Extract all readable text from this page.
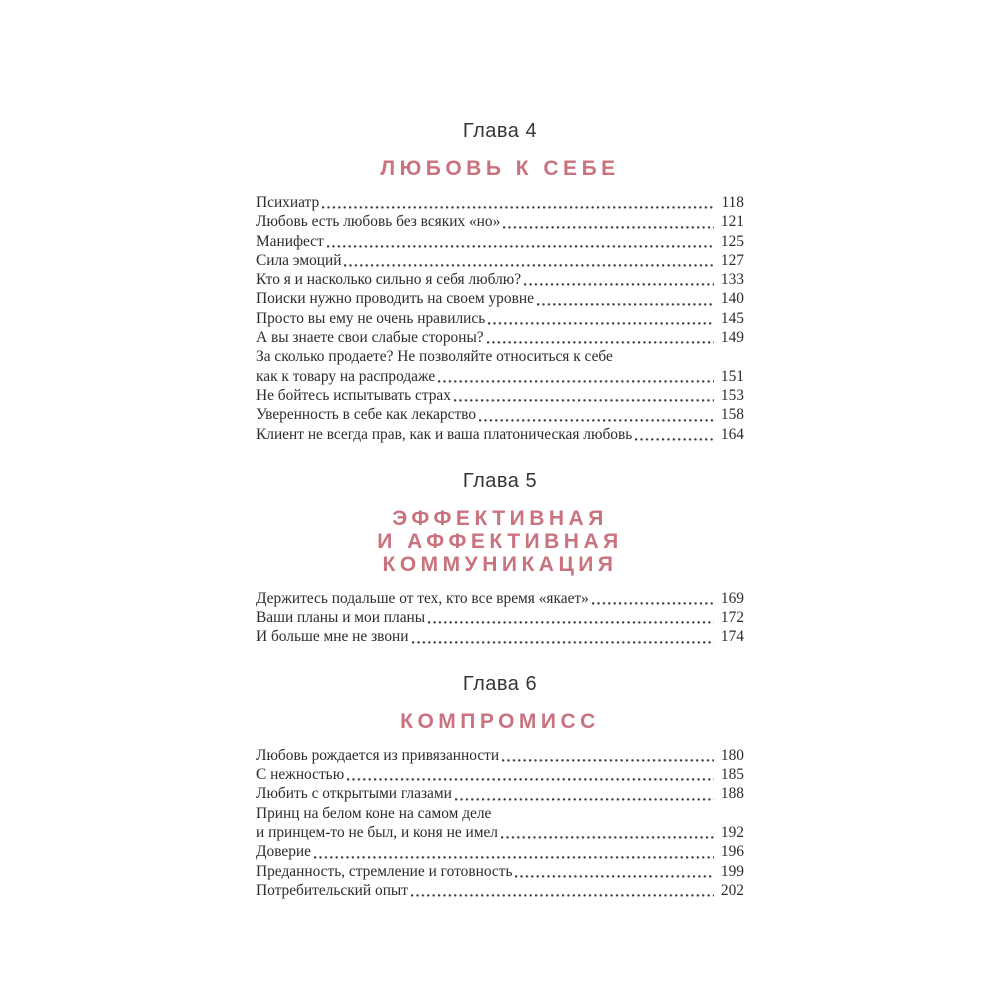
Глава 4
ЛЮБОВЬ К СЕБЕ
Психиатр	118
Любовь есть любовь без всяких «но»	121
Манифест	125
Сила эмоций	127
Кто я и насколько сильно я себя люблю?	133
Поиски нужно проводить на своем уровне	140
Просто вы ему не очень нравились	145
А вы знаете свои слабые стороны?	149
За сколько продаете? Не позволяйте относиться к себе
как к товару на распродаже	151
Не бойтесь испытывать страх	153
Уверенность в себе как лекарство	158
Клиент не всегда прав, как и ваша платоническая любовь	164
Глава 5
ЭФФЕКТИВНАЯ
И АФФЕКТИВНАЯ
КОММУНИКАЦИЯ
Держитесь подальше от тех, кто все время «якает»	169
Ваши планы и мои планы	172
И больше мне не звони	174
Глава 6
КОМПРОМИСС
Любовь рождается из привязанности	180
С нежностью	185
Любить с открытыми глазами	188
Принц на белом коне на самом деле
и принцем-то не был, и коня не имел	192
Доверие	196
Преданность, стремление и готовность	199
Потребительский опыт	202
